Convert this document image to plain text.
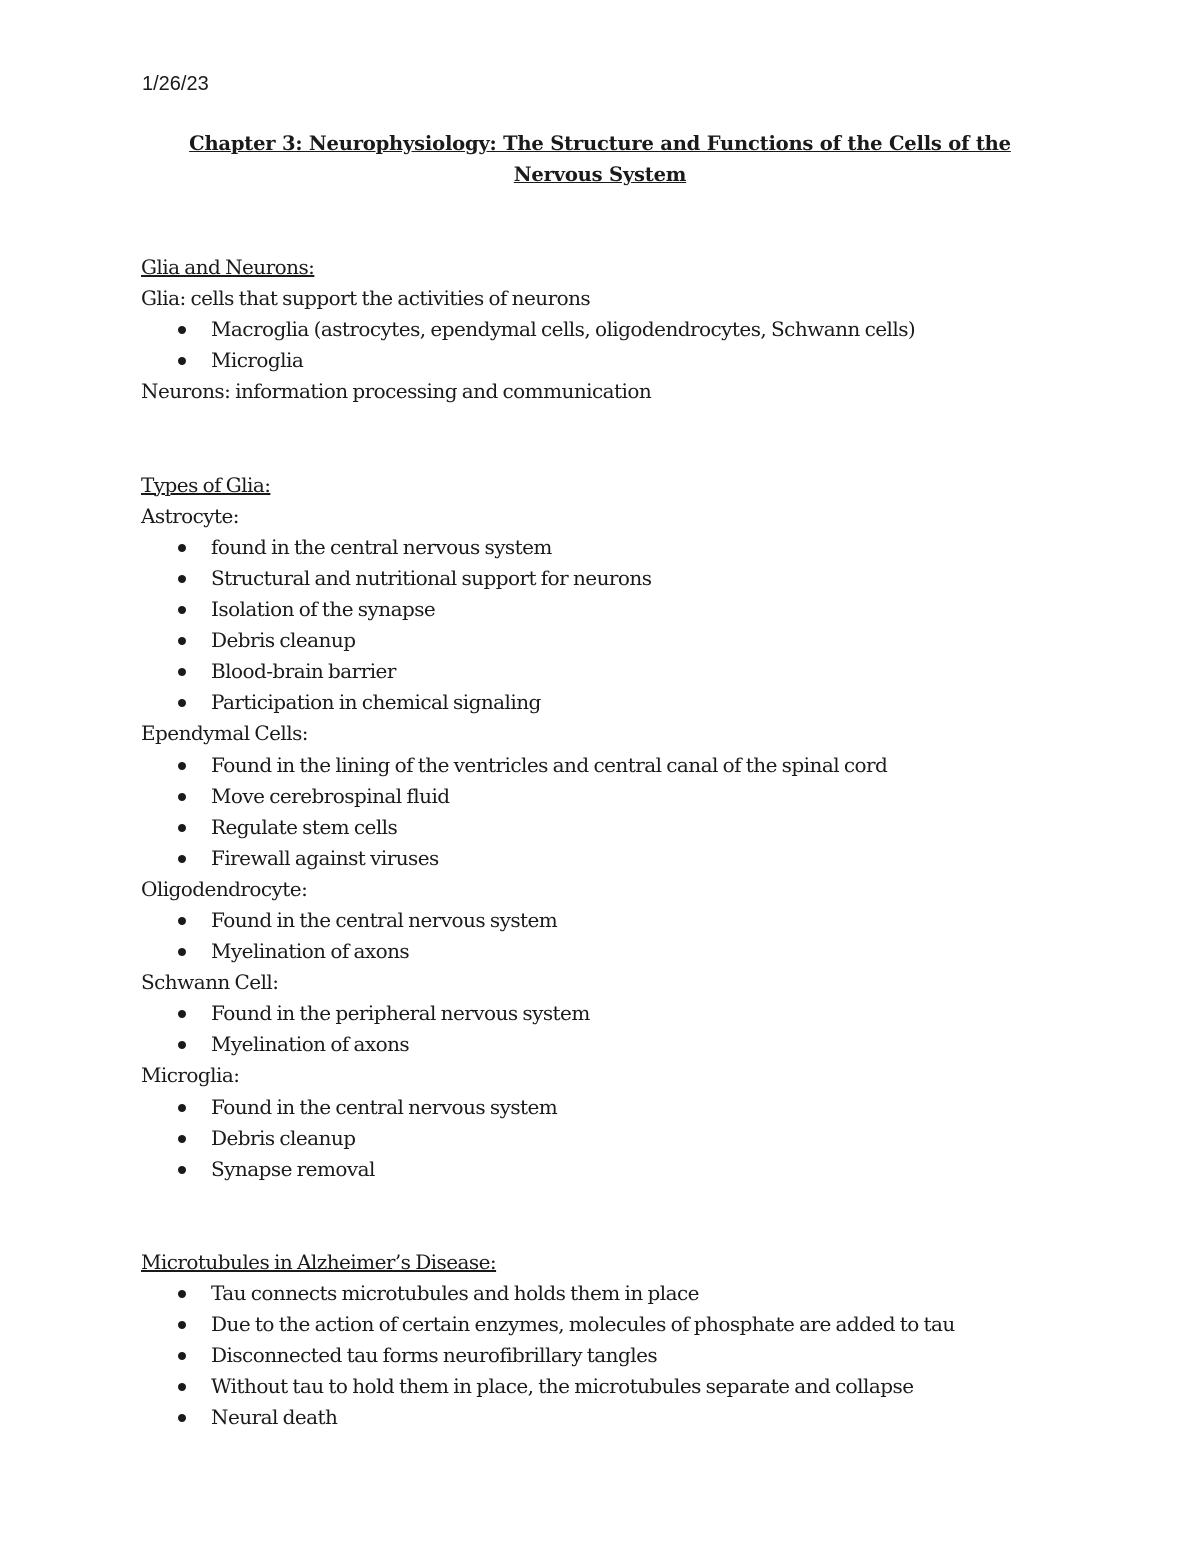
1/26/23
Chapter 3: Neurophysiology: The Structure and Functions of the Cells of the Nervous System
Glia and Neurons:
Glia: cells that support the activities of neurons
Macroglia (astrocytes, ependymal cells, oligodendrocytes, Schwann cells)
Microglia
Neurons: information processing and communication
Types of Glia:
Astrocyte:
found in the central nervous system
Structural and nutritional support for neurons
Isolation of the synapse
Debris cleanup
Blood-brain barrier
Participation in chemical signaling
Ependymal Cells:
Found in the lining of the ventricles and central canal of the spinal cord
Move cerebrospinal fluid
Regulate stem cells
Firewall against viruses
Oligodendrocyte:
Found in the central nervous system
Myelination of axons
Schwann Cell:
Found in the peripheral nervous system
Myelination of axons
Microglia:
Found in the central nervous system
Debris cleanup
Synapse removal
Microtubules in Alzheimer’s Disease:
Tau connects microtubules and holds them in place
Due to the action of certain enzymes, molecules of phosphate are added to tau
Disconnected tau forms neurofibrillary tangles
Without tau to hold them in place, the microtubules separate and collapse
Neural death
